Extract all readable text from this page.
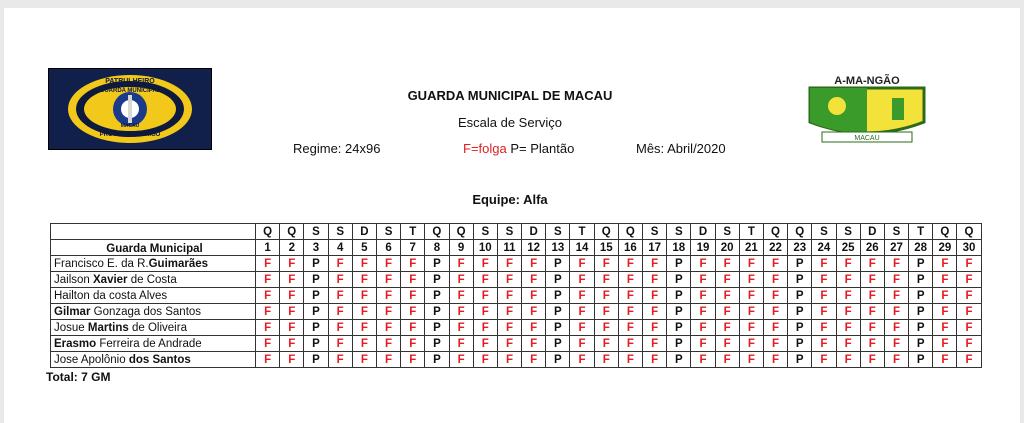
PATRULHEIRO
GUARDA MUNICIPAL
PROTETOR E AMIGO
MACAU
GUARDA MUNICIPAL DE MACAU
Escala de Serviço
Regime: 24x96	F=folga P= Plantão	Mês: Abril/2020
A-MA-NGÃO
MACAU
Equipe: Alfa
	Q	Q	S	S	D	S	T	Q	Q	S	S	D	S	T	Q	Q	S	S	D	S	T	Q	Q	S	S	D	S	T	Q	Q
Guarda Municipal	1	2	3	4	5	6	7	8	9	10	11	12	13	14	15	16	17	18	19	20	21	22	23	24	25	26	27	28	29	30
Francisco E. da R.Guimarães	F	F	P	F	F	F	F	P	F	F	F	F	P	F	F	F	F	P	F	F	F	F	P	F	F	F	F	P	F	F
Jailson Xavier de Costa	F	F	P	F	F	F	F	P	F	F	F	F	P	F	F	F	F	P	F	F	F	F	P	F	F	F	F	P	F	F
Hailton da costa Alves	F	F	P	F	F	F	F	P	F	F	F	F	P	F	F	F	F	P	F	F	F	F	P	F	F	F	F	P	F	F
Gilmar Gonzaga dos Santos	F	F	P	F	F	F	F	P	F	F	F	F	P	F	F	F	F	P	F	F	F	F	P	F	F	F	F	P	F	F
Josue Martins de Oliveira	F	F	P	F	F	F	F	P	F	F	F	F	P	F	F	F	F	P	F	F	F	F	P	F	F	F	F	P	F	F
Erasmo Ferreira de Andrade	F	F	P	F	F	F	F	P	F	F	F	F	P	F	F	F	F	P	F	F	F	F	P	F	F	F	F	P	F	F
Jose Apolônio dos Santos	F	F	P	F	F	F	F	P	F	F	F	F	P	F	F	F	F	P	F	F	F	F	P	F	F	F	F	P	F	F
Total: 7 GM
